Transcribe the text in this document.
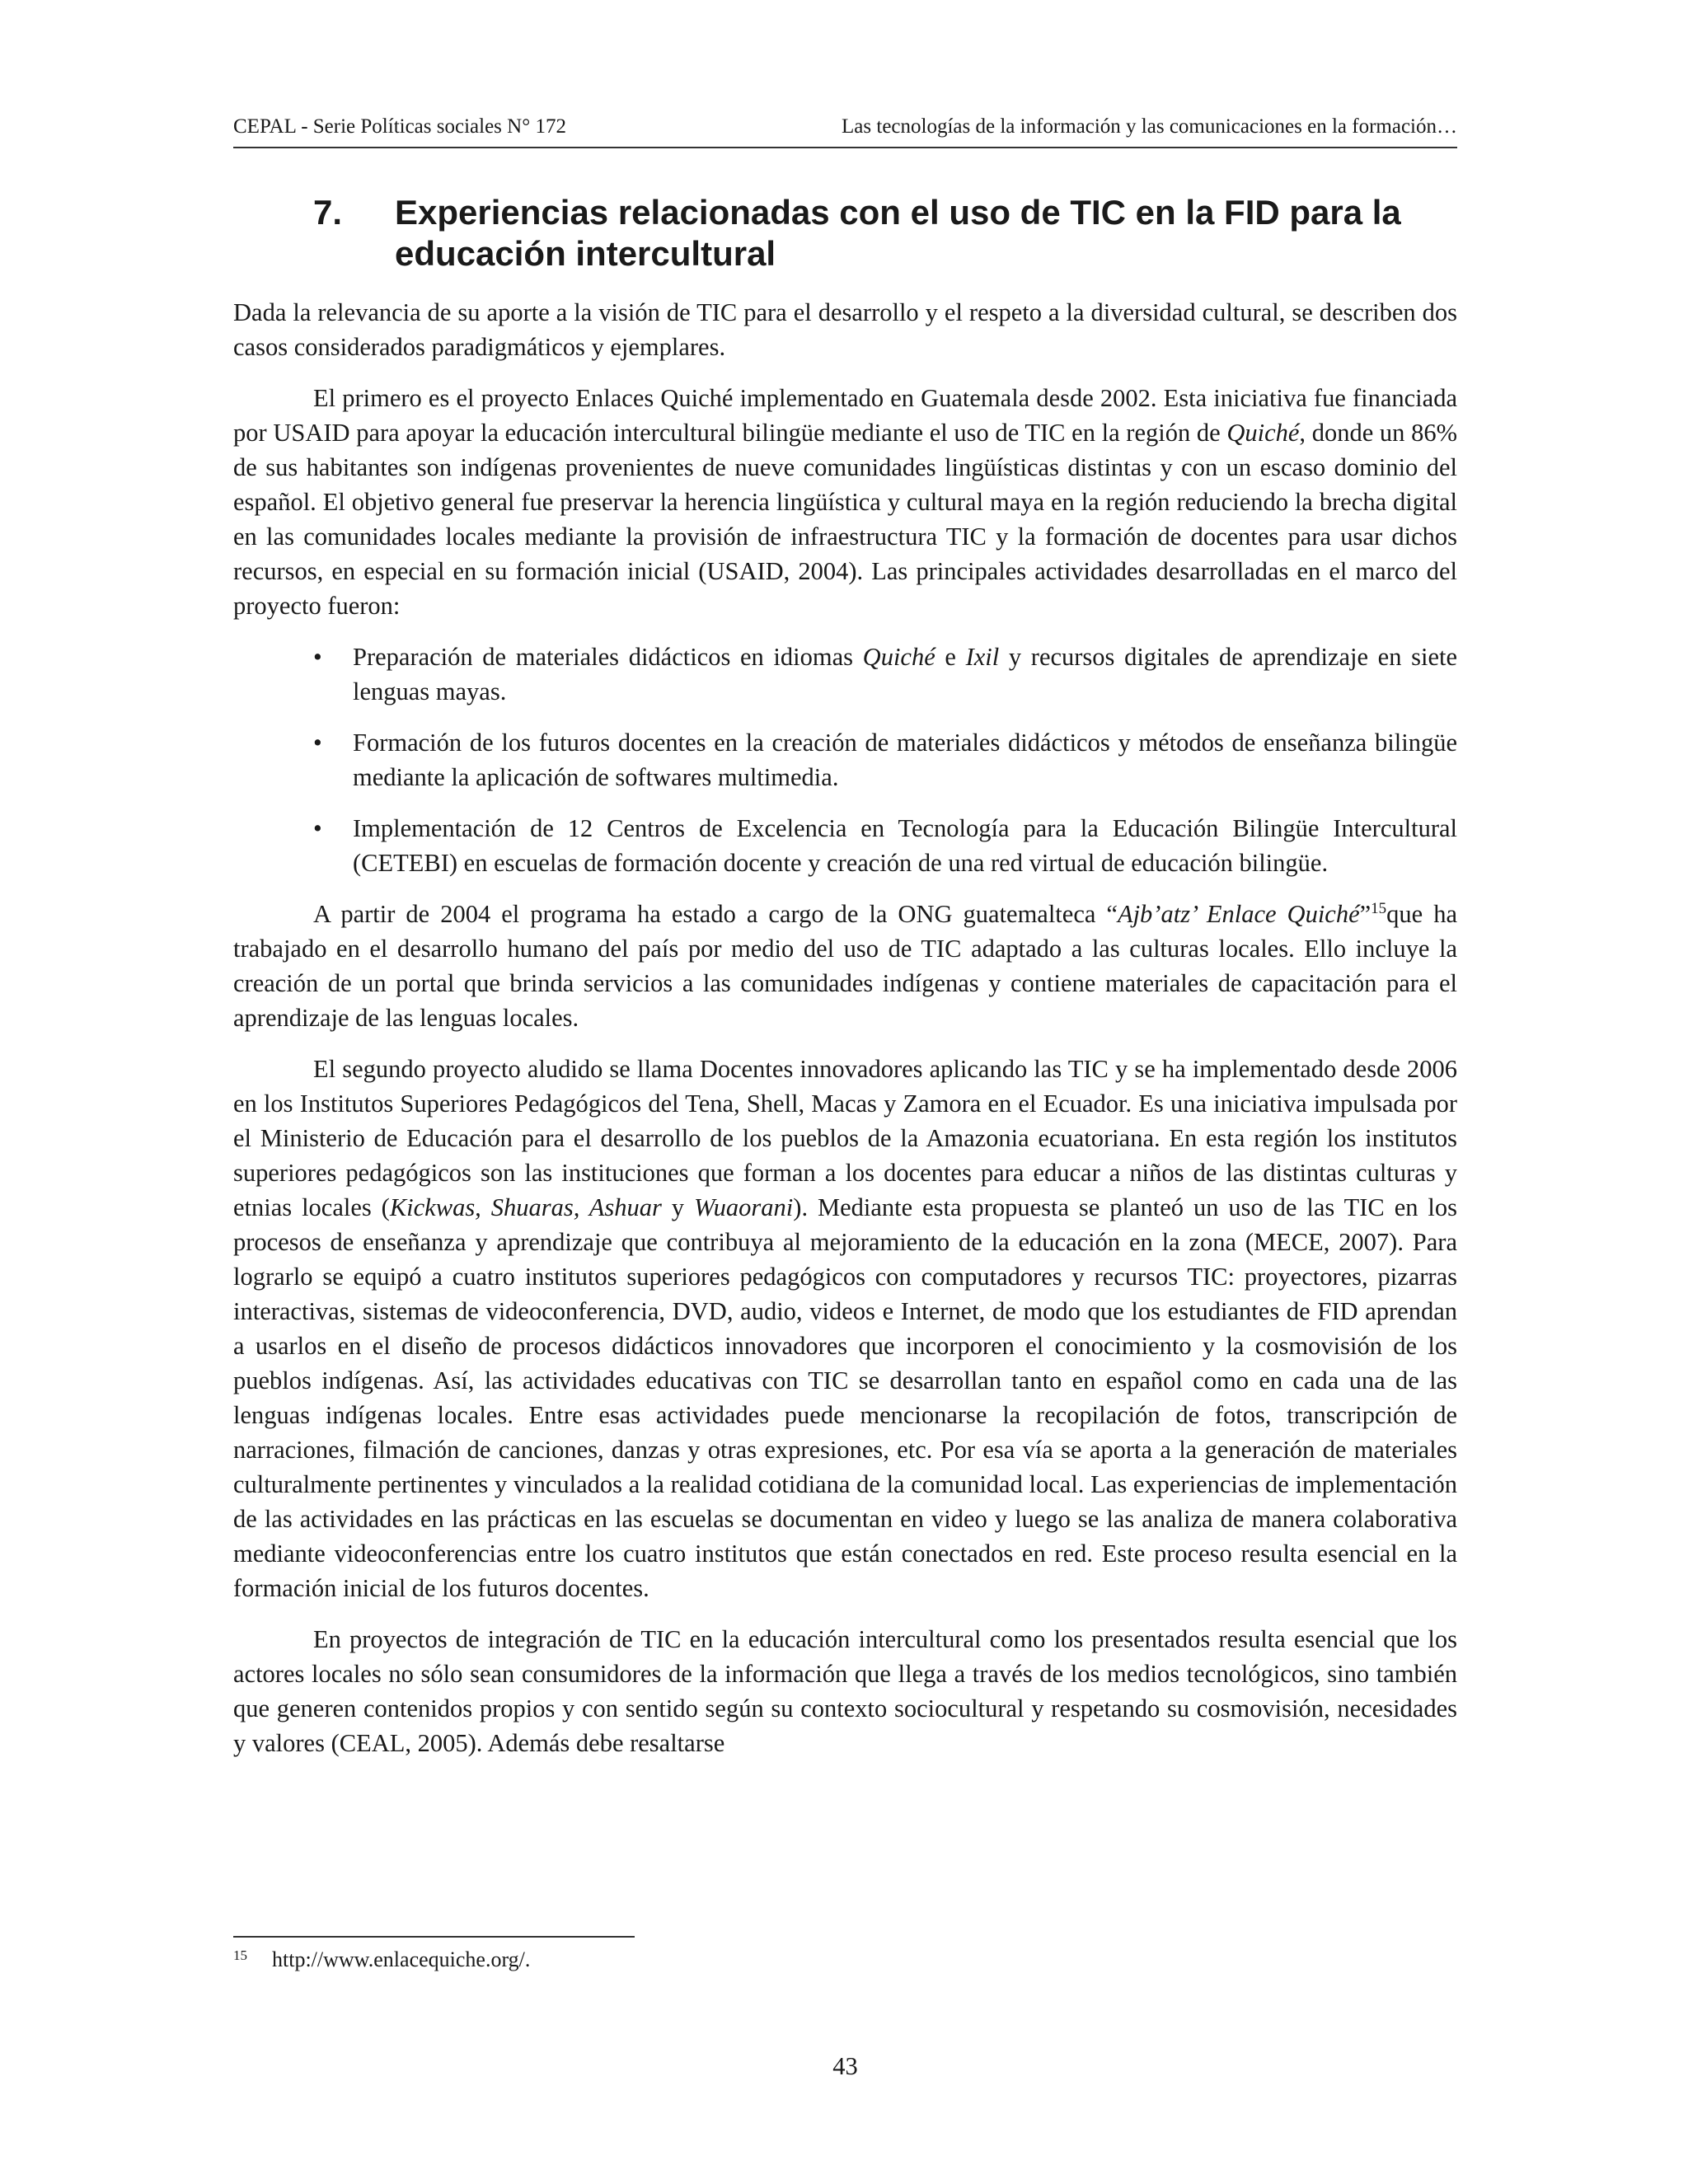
CEPAL - Serie Políticas sociales N° 172	Las tecnologías de la información y las comunicaciones en la formación…
7.	Experiencias relacionadas con el uso de TIC en la FID para la educación intercultural

Dada la relevancia de su aporte a la visión de TIC para el desarrollo y el respeto a la diversidad cultural, se describen dos casos considerados paradigmáticos y ejemplares.

El primero es el proyecto Enlaces Quiché implementado en Guatemala desde 2002. Esta iniciativa fue financiada por USAID para apoyar la educación intercultural bilingüe mediante el uso de TIC en la región de Quiché, donde un 86% de sus habitantes son indígenas provenientes de nueve comunidades lingüísticas distintas y con un escaso dominio del español. El objetivo general fue preservar la herencia lingüística y cultural maya en la región reduciendo la brecha digital en las comunidades locales mediante la provisión de infraestructura TIC y la formación de docentes para usar dichos recursos, en especial en su formación inicial (USAID, 2004). Las principales actividades desarrolladas en el marco del proyecto fueron:

• Preparación de materiales didácticos en idiomas Quiché e Ixil y recursos digitales de aprendizaje en siete lenguas mayas.
• Formación de los futuros docentes en la creación de materiales didácticos y métodos de enseñanza bilingüe mediante la aplicación de softwares multimedia.
• Implementación de 12 Centros de Excelencia en Tecnología para la Educación Bilingüe Intercultural (CETEBI) en escuelas de formación docente y creación de una red virtual de educación bilingüe.

A partir de 2004 el programa ha estado a cargo de la ONG guatemalteca “Ajb’atz’ Enlace Quiché”$^{15}$que ha trabajado en el desarrollo humano del país por medio del uso de TIC adaptado a las culturas locales. Ello incluye la creación de un portal que brinda servicios a las comunidades indígenas y contiene materiales de capacitación para el aprendizaje de las lenguas locales.

El segundo proyecto aludido se llama Docentes innovadores aplicando las TIC y se ha implementado desde 2006 en los Institutos Superiores Pedagógicos del Tena, Shell, Macas y Zamora en el Ecuador. Es una iniciativa impulsada por el Ministerio de Educación para el desarrollo de los pueblos de la Amazonia ecuatoriana. En esta región los institutos superiores pedagógicos son las instituciones que forman a los docentes para educar a niños de las distintas culturas y etnias locales (Kickwas, Shuaras, Ashuar y Wuaorani). Mediante esta propuesta se planteó un uso de las TIC en los procesos de enseñanza y aprendizaje que contribuya al mejoramiento de la educación en la zona (MECE, 2007). Para lograrlo se equipó a cuatro institutos superiores pedagógicos con computadores y recursos TIC: proyectores, pizarras interactivas, sistemas de videoconferencia, DVD, audio, videos e Internet, de modo que los estudiantes de FID aprendan a usarlos en el diseño de procesos didácticos innovadores que incorporen el conocimiento y la cosmovisión de los pueblos indígenas. Así, las actividades educativas con TIC se desarrollan tanto en español como en cada una de las lenguas indígenas locales. Entre esas actividades puede mencionarse la recopilación de fotos, transcripción de narraciones, filmación de canciones, danzas y otras expresiones, etc. Por esa vía se aporta a la generación de materiales culturalmente pertinentes y vinculados a la realidad cotidiana de la comunidad local. Las experiencias de implementación de las actividades en las prácticas en las escuelas se documentan en video y luego se las analiza de manera colaborativa mediante videoconferencias entre los cuatro institutos que están conectados en red. Este proceso resulta esencial en la formación inicial de los futuros docentes.

En proyectos de integración de TIC en la educación intercultural como los presentados resulta esencial que los actores locales no sólo sean consumidores de la información que llega a través de los medios tecnológicos, sino también que generen contenidos propios y con sentido según su contexto sociocultural y respetando su cosmovisión, necesidades y valores (CEAL, 2005). Además debe resaltarse

15	http://www.enlacequiche.org/.
43
